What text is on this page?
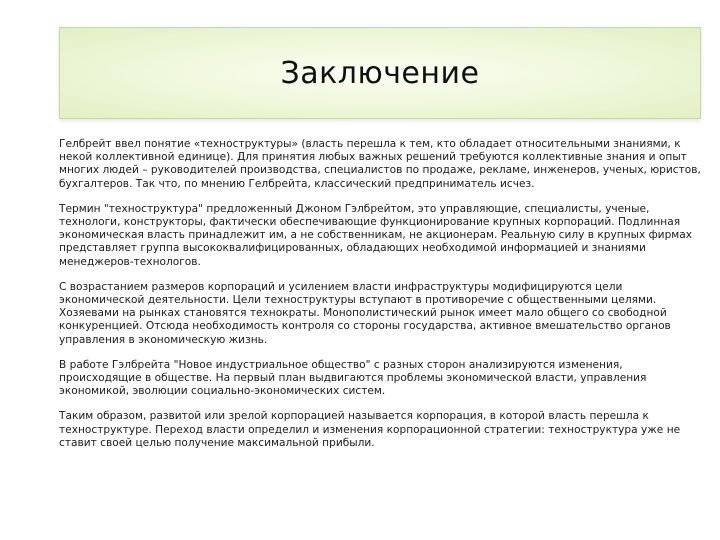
Заключение

Гелбрейт ввел понятие «техноструктуры» (власть перешла к тем, кто обладает относительными знаниями, к некой коллективной единице). Для принятия любых важных решений требуются коллективные знания и опыт многих людей – руководителей производства, специалистов по продаже, рекламе, инженеров, ученых, юристов, бухгалтеров. Так что, по мнению Гелбрейта, классический предприниматель исчез.

Термин "техноструктура" предложенный Джоном Гэлбрейтом, это управляющие, специалисты, ученые, технологи, конструкторы, фактически обеспечивающие функционирование крупных корпораций. Подлинная экономическая власть принадлежит им, а не собственникам, не акционерам. Реальную силу в крупных фирмах представляет группа высококвалифицированных, обладающих необходимой информацией и знаниями менеджеров-технологов.

С возрастанием размеров корпораций и усилением власти инфраструктуры модифицируются цели экономической деятельности. Цели техноструктуры вступают в противоречие с общественными целями. Хозяевами на рынках становятся технократы. Монополистический рынок имеет мало общего со свободной конкуренцией. Отсюда необходимость контроля со стороны государства, активное вмешательство органов управления в экономическую жизнь.

В работе Гэлбрейта "Новое индустриальное общество" с разных сторон анализируются изменения, происходящие в обществе. На первый план выдвигаются проблемы экономической власти, управления экономикой, эволюции социально-экономических систем.

Таким образом, развитой или зрелой корпорацией называется корпорация, в которой власть перешла к техноструктуре. Переход власти определил и изменения корпорационной стратегии: техноструктура уже не ставит своей целью получение максимальной прибыли.
